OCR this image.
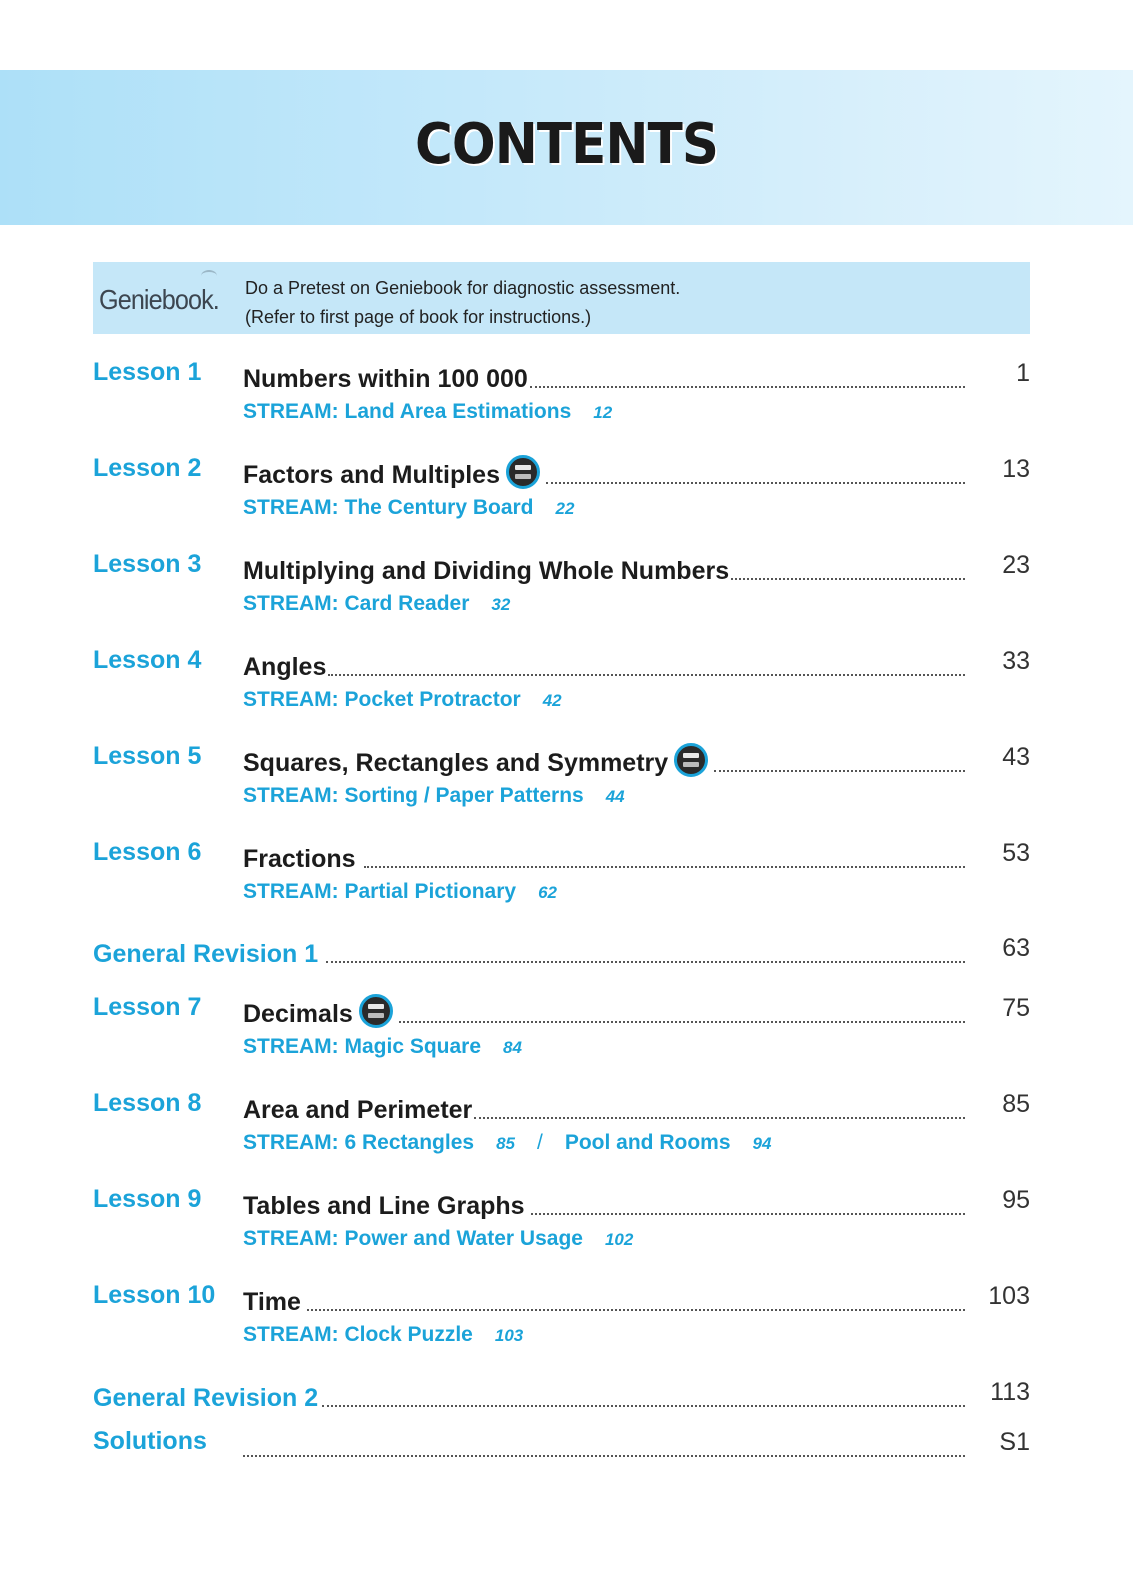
CONTENTS
Geniebook. Do a Pretest on Geniebook for diagnostic assessment.
(Refer to first page of book for instructions.)
Lesson 1 Numbers within 100 000	1
STREAM: Land Area Estimations 12
Lesson 2 Factors and Multiples	13
STREAM: The Century Board 22
Lesson 3 Multiplying and Dividing Whole Numbers	23
STREAM: Card Reader 32
Lesson 4 Angles	33
STREAM: Pocket Protractor 42
Lesson 5 Squares, Rectangles and Symmetry	43
STREAM: Sorting / Paper Patterns 44
Lesson 6 Fractions	53
STREAM: Partial Pictionary 62
General Revision 1	63
Lesson 7 Decimals	75
STREAM: Magic Square 84
Lesson 8 Area and Perimeter	85
STREAM: 6 Rectangles 85 / Pool and Rooms 94
Lesson 9 Tables and Line Graphs	95
STREAM: Power and Water Usage 102
Lesson 10 Time	103
STREAM: Clock Puzzle 103
General Revision 2	113
Solutions	S1
